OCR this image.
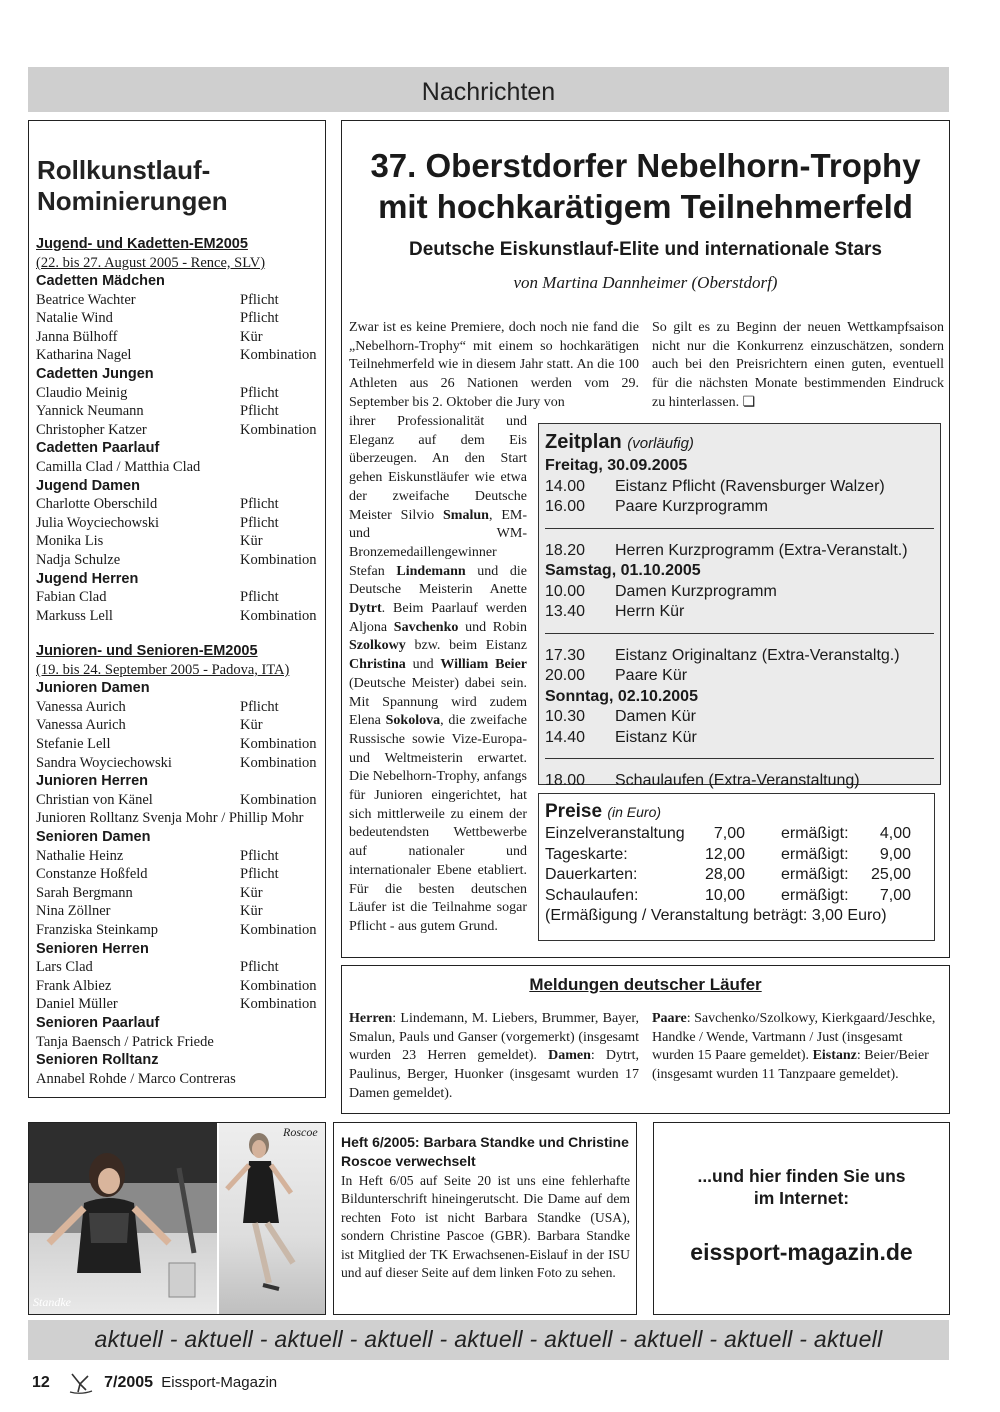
Nachrichten
Rollkunstlauf-
Nominierungen
Jugend- und Kadetten-EM2005
(22. bis 27. August 2005 - Rence, SLV)
Cadetten Mädchen
Beatrice Wachter	Pflicht
Natalie Wind	Pflicht
Janna Bülhoff	Kür
Katharina Nagel	Kombination
Cadetten Jungen
Claudio Meinig	Pflicht
Yannick Neumann	Pflicht
Christopher Katzer	Kombination
Cadetten Paarlauf
Camilla Clad / Matthia Clad
Jugend Damen
Charlotte Oberschild	Pflicht
Julia Woyciechowski	Pflicht
Monika Lis	Kür
Nadja Schulze	Kombination
Jugend Herren
Fabian Clad	Pflicht
Markuss Lell	Kombination
Junioren- und Senioren-EM2005
(19. bis 24. September 2005 - Padova, ITA)
Junioren Damen
Vanessa Aurich	Pflicht
Vanessa Aurich	Kür
Stefanie Lell	Kombination
Sandra Woyciechowski	Kombination
Junioren Herren
Christian von Känel	Kombination
Junioren Rolltanz Svenja Mohr / Phillip Mohr
Senioren Damen
Nathalie Heinz	Pflicht
Constanze Hoßfeld	Pflicht
Sarah Bergmann	Kür
Nina Zöllner	Kür
Franziska Steinkamp	Kombination
Senioren Herren
Lars Clad	Pflicht
Frank Albiez	Kombination
Daniel Müller	Kombination
Senioren Paarlauf
Tanja Baensch / Patrick Friede
Senioren Rolltanz
Annabel Rohde / Marco Contreras
37. Oberstdorfer Nebelhorn-Trophy
mit hochkarätigem Teilnehmerfeld
Deutsche Eiskunstlauf-Elite und internationale Stars
von Martina Dannheimer (Oberstdorf)
Zwar ist es keine Premiere, doch noch nie fand die „Nebelhorn-Trophy“ mit einem so hochkarätigen Teilnehmerfeld wie in diesem Jahr statt. An die 100 Athleten aus 26 Nationen werden vom 29. September bis 2. Oktober die Jury von
ihrer Professionalität und Eleganz auf dem Eis überzeugen. An den Start gehen Eiskunstläufer wie etwa der zweifache Deutsche Meister Silvio Smalun, EM- und WM-Bronzemedaillengewinner Stefan Lindemann und die Deutsche Meisterin Anette Dytrt. Beim Paarlauf werden Aljona Savchenko und Robin Szolkowy bzw. beim Eistanz Christina und William Beier (Deutsche Meister) dabei sein. Mit Spannung wird zudem Elena Sokolova, die zweifache Russische sowie Vize-Europa- und Weltmeisterin erwartet. Die Nebelhorn-Trophy, anfangs für Junioren eingerichtet, hat sich mittlerweile zu einem der bedeutendsten Wettbewerbe auf nationaler und internationaler Ebene etabliert. Für die besten deutschen Läufer ist die Teilnahme sogar Pflicht - aus gutem Grund.
So gilt es zu Beginn der neuen Wettkampfsaison nicht nur die Konkurrenz einzuschätzen, sondern auch bei den Preisrichtern einen guten, eventuell für die nächsten Monate bestimmenden Eindruck zu hinterlassen. ❏
Zeitplan (vorläufig)
Freitag, 30.09.2005
14.00 Eistanz Pflicht (Ravensburger Walzer)
16.00 Paare Kurzprogramm
18.20 Herren Kurzprogramm (Extra-Veranstalt.)
Samstag, 01.10.2005
10.00 Damen Kurzprogramm
13.40 Herrn Kür
17.30 Eistanz Originaltanz (Extra-Veranstaltg.)
20.00 Paare Kür
Sonntag, 02.10.2005
10.30 Damen Kür
14.40 Eistanz Kür
18.00 Schaulaufen (Extra-Veranstaltung)
Preise (in Euro)
Einzelveranstaltung	7,00 ermäßigt:	4,00
Tageskarte:	12,00 ermäßigt:	9,00
Dauerkarten:	28,00 ermäßigt: 25,00
Schaulaufen:	10,00 ermäßigt:	7,00
(Ermäßigung / Veranstaltung beträgt: 3,00 Euro)
Meldungen deutscher Läufer
Herren: Lindemann, M. Liebers, Brummer, Bayer, Smalun, Pauls und Ganser (vorgemerkt) (insgesamt wurden 23 Herren gemeldet). Damen: Dytrt, Paulinus, Berger, Huonker (insgesamt wurden 17 Damen gemeldet).
Paare: Savchenko/Szolkowy, Kierkgaard/Jeschke, Handke / Wende, Vartmann / Just (insgesamt wurden 15 Paare gemeldet). Eistanz: Beier/Beier (insgesamt wurden 11 Tanzpaare gemeldet).
Standke
Roscoe
Heft 6/2005: Barbara Standke und Christine Roscoe verwechselt

In Heft 6/05 auf Seite 20 ist uns eine fehlerhafte Bildunterschrift hineingerutscht. Die Dame auf dem rechten Foto ist nicht Barbara Standke (USA), sondern Christine Pascoe (GBR). Barbara Standke ist Mitglied der TK Erwachsenen-Eislauf in der ISU und auf dieser Seite auf dem linken Foto zu sehen.

...und hier finden Sie uns
im Internet:
eissport-magazin.de
aktuell - aktuell - aktuell - aktuell - aktuell - aktuell - aktuell - aktuell - aktuell
12	7/2005 Eissport-Magazin
